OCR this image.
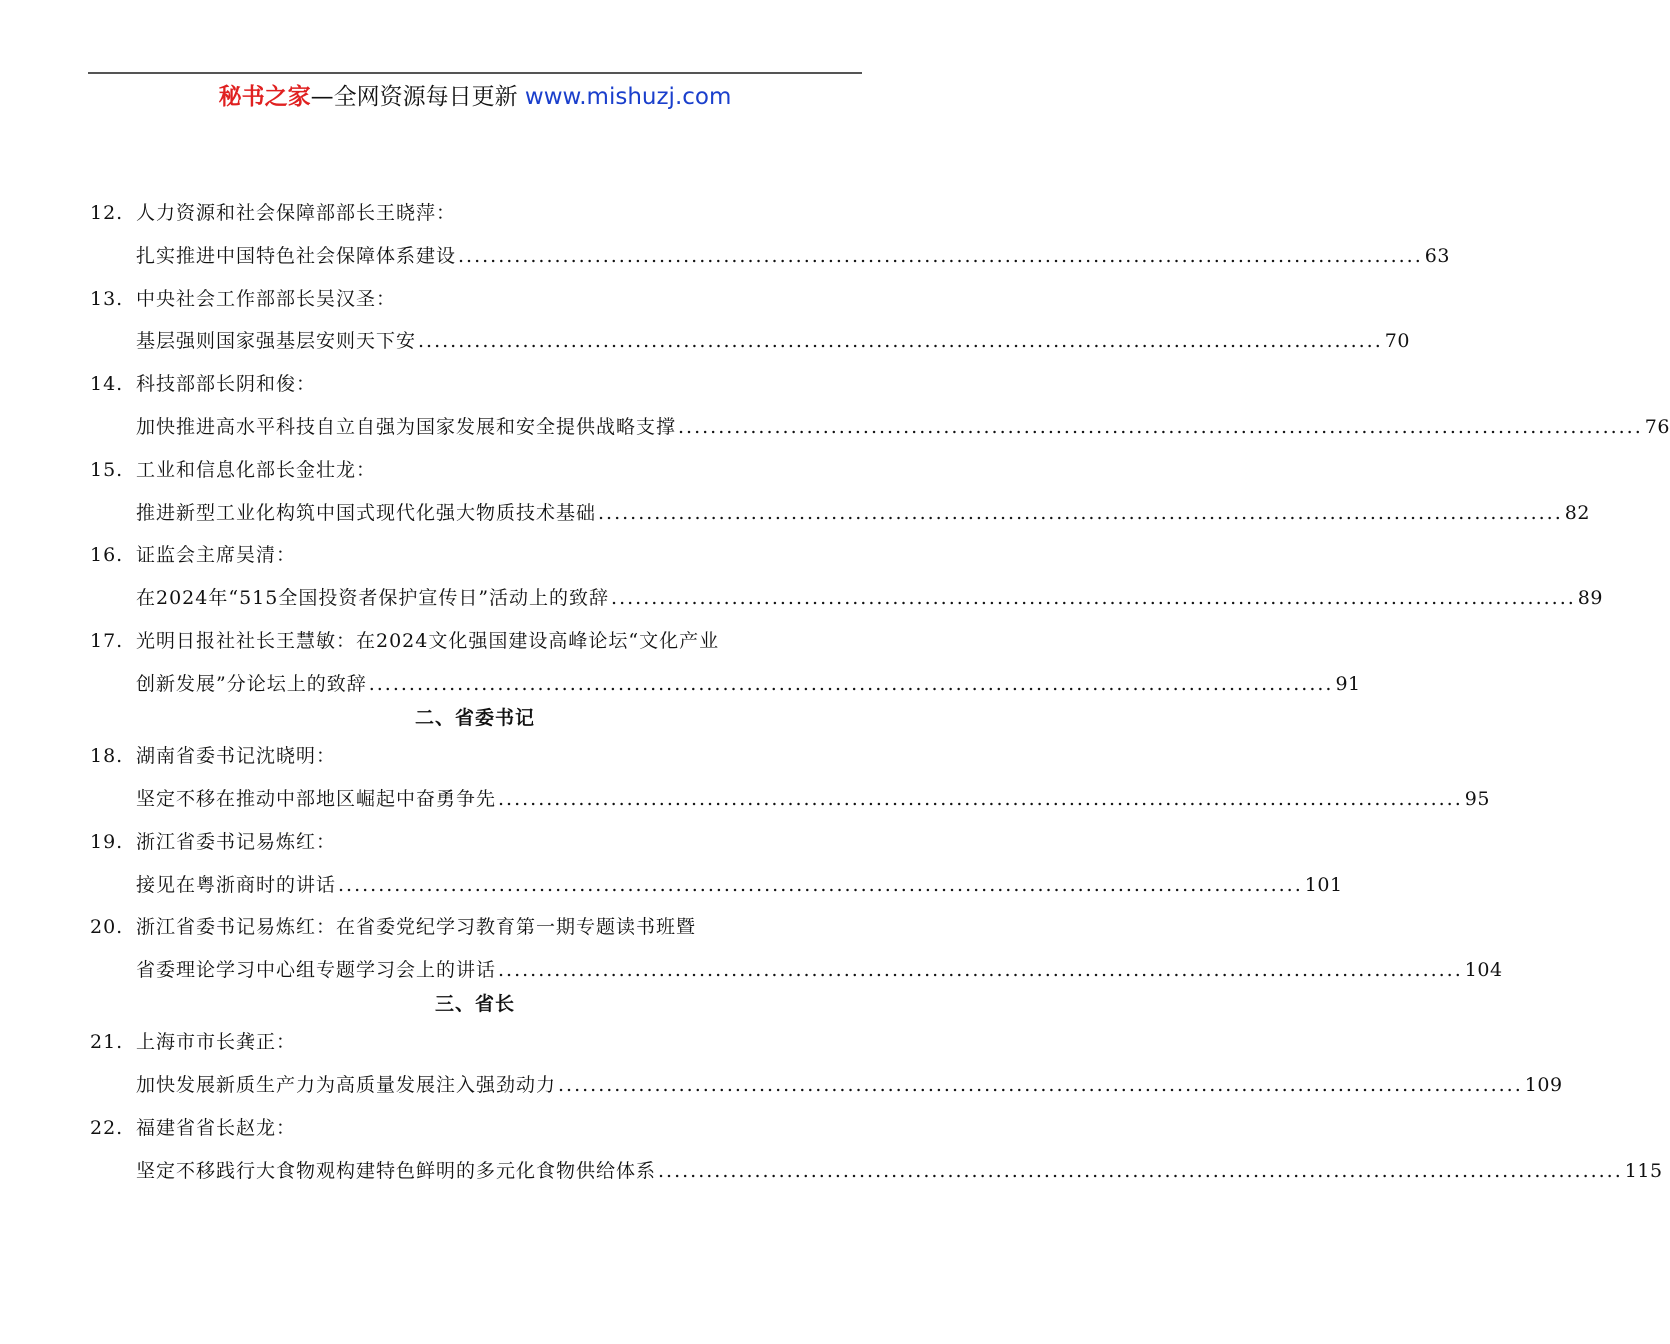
秘书之家—全网资源每日更新 www.mishuzj.com
12. 人力资源和社会保障部部长王晓萍：
扎实推进中国特色社会保障体系建设 ........................................................................................................................ 63
13. 中央社会工作部部长吴汉圣：
基层强则国家强基层安则天下安 ........................................................................................................................ 70
14. 科技部部长阴和俊：
加快推进高水平科技自立自强为国家发展和安全提供战略支撑 ........................................................................................................................ 76
15. 工业和信息化部长金壮龙：
推进新型工业化构筑中国式现代化强大物质技术基础 ........................................................................................................................ 82
16. 证监会主席吴清：
在2024年“515全国投资者保护宣传日”活动上的致辞 ........................................................................................................................ 89
17. 光明日报社社长王慧敏：在2024文化强国建设高峰论坛“文化产业
创新发展”分论坛上的致辞 ........................................................................................................................ 91
二、省委书记
18. 湖南省委书记沈晓明：
坚定不移在推动中部地区崛起中奋勇争先 ........................................................................................................................ 95
19. 浙江省委书记易炼红：
接见在粤浙商时的讲话 ........................................................................................................................ 101
20. 浙江省委书记易炼红：在省委党纪学习教育第一期专题读书班暨
省委理论学习中心组专题学习会上的讲话 ........................................................................................................................ 104
三、省长
21. 上海市市长龚正：
加快发展新质生产力为高质量发展注入强劲动力 ........................................................................................................................ 109
22. 福建省省长赵龙：
坚定不移践行大食物观构建特色鲜明的多元化食物供给体系 ........................................................................................................................ 115
